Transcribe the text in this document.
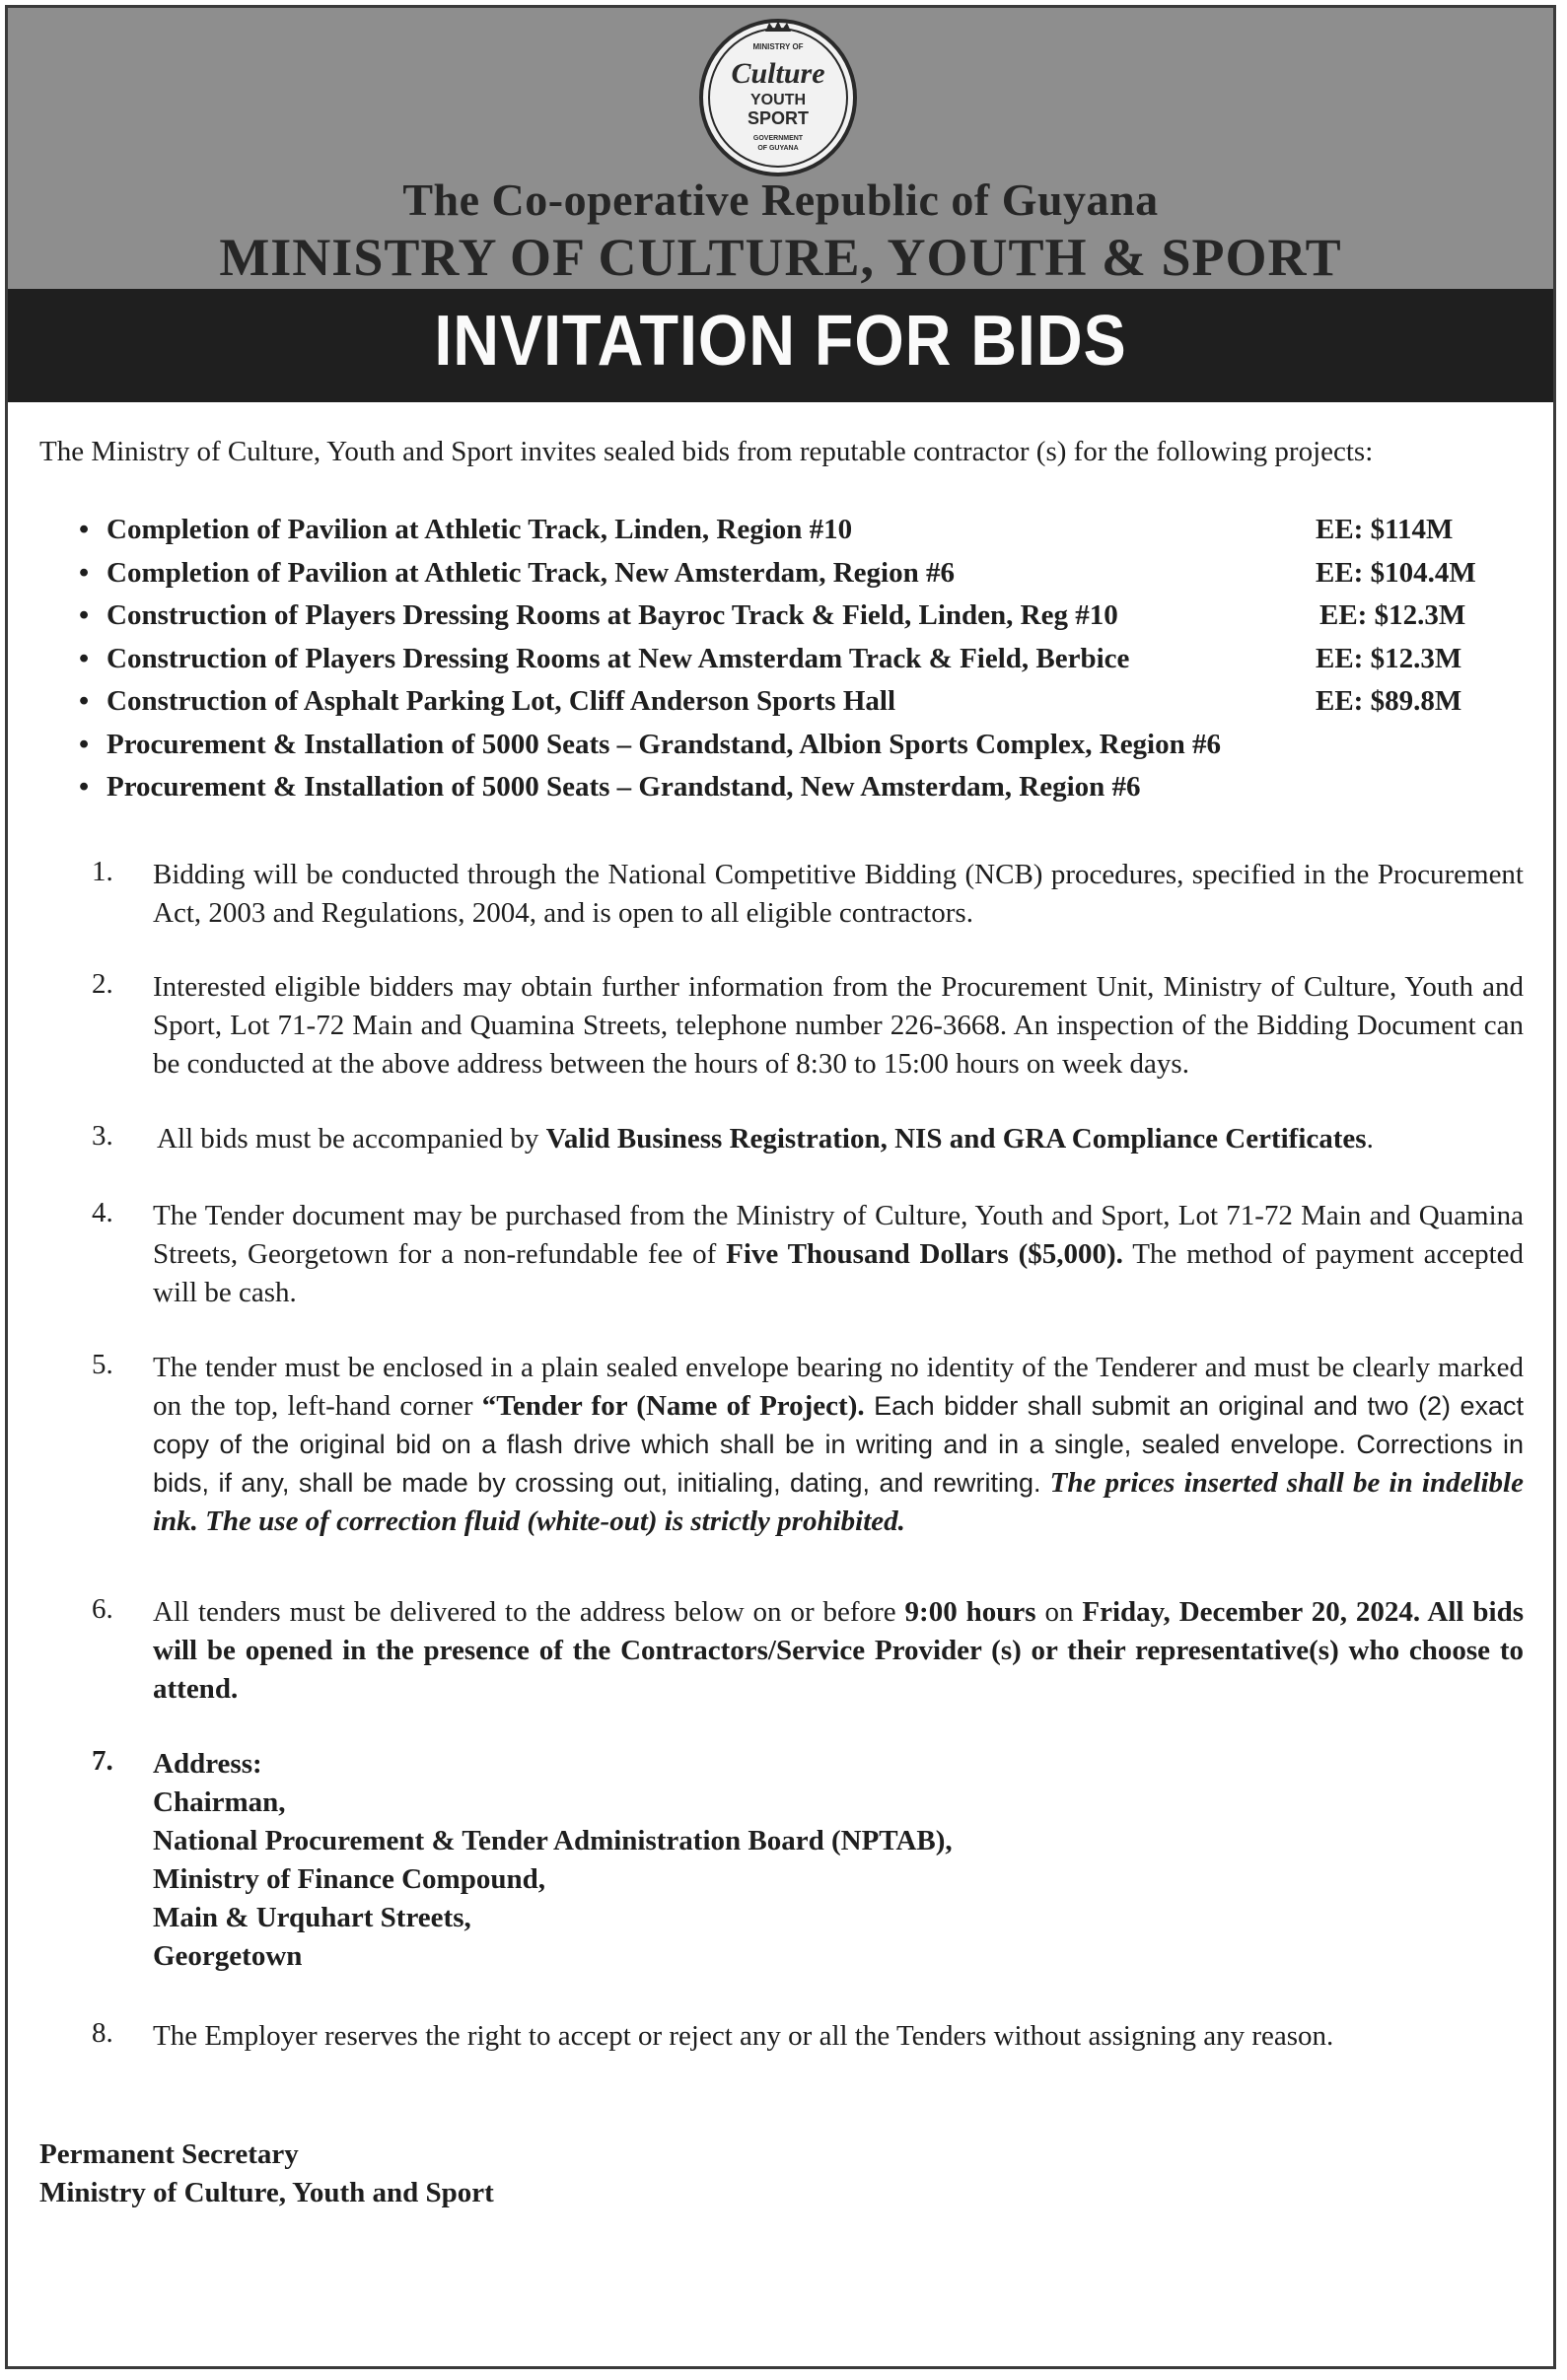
MINISTRY OF
Culture
YOUTH
SPORT
GOVERNMENT
OF GUYANA
The Co-operative Republic of Guyana
MINISTRY OF CULTURE, YOUTH & SPORT
INVITATION FOR BIDS
The Ministry of Culture, Youth and Sport invites sealed bids from reputable contractor (s) for the following projects:
• Completion of Pavilion at Athletic Track, Linden, Region #10	EE: $114M
• Completion of Pavilion at Athletic Track, New Amsterdam, Region #6	EE: $104.4M
• Construction of Players Dressing Rooms at Bayroc Track & Field, Linden, Reg #10	EE: $12.3M
• Construction of Players Dressing Rooms at New Amsterdam Track & Field, Berbice	EE: $12.3M
• Construction of Asphalt Parking Lot, Cliff Anderson Sports Hall	EE: $89.8M
• Procurement & Installation of 5000 Seats – Grandstand, Albion Sports Complex, Region #6
• Procurement & Installation of 5000 Seats – Grandstand, New Amsterdam, Region #6
1. Bidding will be conducted through the National Competitive Bidding (NCB) procedures, specified in the Procurement Act, 2003 and Regulations, 2004, and is open to all eligible contractors.
2. Interested eligible bidders may obtain further information from the Procurement Unit, Ministry of Culture, Youth and Sport, Lot 71-72 Main and Quamina Streets, telephone number 226-3668. An inspection of the Bidding Document can be conducted at the above address between the hours of 8:30 to 15:00 hours on week days.
3. All bids must be accompanied by Valid Business Registration, NIS and GRA Compliance Certificates.
4. The Tender document may be purchased from the Ministry of Culture, Youth and Sport, Lot 71-72 Main and Quamina Streets, Georgetown for a non-refundable fee of Five Thousand Dollars ($5,000). The method of payment accepted will be cash.
5. The tender must be enclosed in a plain sealed envelope bearing no identity of the Tenderer and must be clearly marked on the top, left-hand corner “Tender for (Name of Project). Each bidder shall submit an original and two (2) exact copy of the original bid on a flash drive which shall be in writing and in a single, sealed envelope. Corrections in bids, if any, shall be made by crossing out, initialing, dating, and rewriting. The prices inserted shall be in indelible ink. The use of correction fluid (white-out) is strictly prohibited.
6. All tenders must be delivered to the address below on or before 9:00 hours on Friday, December 20, 2024. All bids will be opened in the presence of the Contractors/Service Provider (s) or their representative(s) who choose to attend.
7. Address:
Chairman,
National Procurement & Tender Administration Board (NPTAB),
Ministry of Finance Compound,
Main & Urquhart Streets,
Georgetown
8. The Employer reserves the right to accept or reject any or all the Tenders without assigning any reason.
Permanent Secretary
Ministry of Culture, Youth and Sport
